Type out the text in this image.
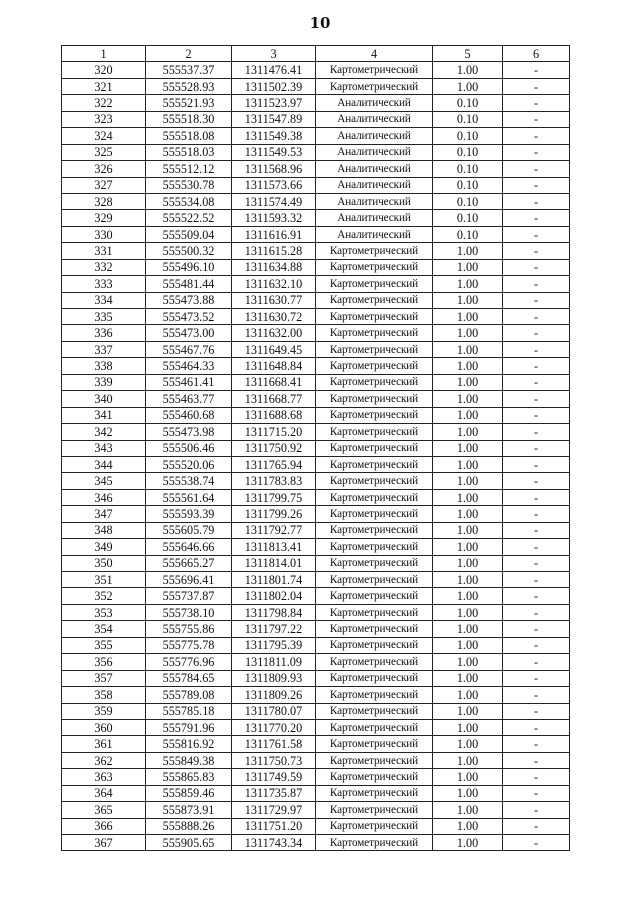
10
1	2	3	4	5	6
320	555537.37	1311476.41	Картометрический	1.00	-
321	555528.93	1311502.39	Картометрический	1.00	-
322	555521.93	1311523.97	Аналитический	0.10	-
323	555518.30	1311547.89	Аналитический	0.10	-
324	555518.08	1311549.38	Аналитический	0.10	-
325	555518.03	1311549.53	Аналитический	0.10	-
326	555512.12	1311568.96	Аналитический	0.10	-
327	555530.78	1311573.66	Аналитический	0.10	-
328	555534.08	1311574.49	Аналитический	0.10	-
329	555522.52	1311593.32	Аналитический	0.10	-
330	555509.04	1311616.91	Аналитический	0.10	-
331	555500.32	1311615.28	Картометрический	1.00	-
332	555496.10	1311634.88	Картометрический	1.00	-
333	555481.44	1311632.10	Картометрический	1.00	-
334	555473.88	1311630.77	Картометрический	1.00	-
335	555473.52	1311630.72	Картометрический	1.00	-
336	555473.00	1311632.00	Картометрический	1.00	-
337	555467.76	1311649.45	Картометрический	1.00	-
338	555464.33	1311648.84	Картометрический	1.00	-
339	555461.41	1311668.41	Картометрический	1.00	-
340	555463.77	1311668.77	Картометрический	1.00	-
341	555460.68	1311688.68	Картометрический	1.00	-
342	555473.98	1311715.20	Картометрический	1.00	-
343	555506.46	1311750.92	Картометрический	1.00	-
344	555520.06	1311765.94	Картометрический	1.00	-
345	555538.74	1311783.83	Картометрический	1.00	-
346	555561.64	1311799.75	Картометрический	1.00	-
347	555593.39	1311799.26	Картометрический	1.00	-
348	555605.79	1311792.77	Картометрический	1.00	-
349	555646.66	1311813.41	Картометрический	1.00	-
350	555665.27	1311814.01	Картометрический	1.00	-
351	555696.41	1311801.74	Картометрический	1.00	-
352	555737.87	1311802.04	Картометрический	1.00	-
353	555738.10	1311798.84	Картометрический	1.00	-
354	555755.86	1311797.22	Картометрический	1.00	-
355	555775.78	1311795.39	Картометрический	1.00	-
356	555776.96	1311811.09	Картометрический	1.00	-
357	555784.65	1311809.93	Картометрический	1.00	-
358	555789.08	1311809.26	Картометрический	1.00	-
359	555785.18	1311780.07	Картометрический	1.00	-
360	555791.96	1311770.20	Картометрический	1.00	-
361	555816.92	1311761.58	Картометрический	1.00	-
362	555849.38	1311750.73	Картометрический	1.00	-
363	555865.83	1311749.59	Картометрический	1.00	-
364	555859.46	1311735.87	Картометрический	1.00	-
365	555873.91	1311729.97	Картометрический	1.00	-
366	555888.26	1311751.20	Картометрический	1.00	-
367	555905.65	1311743.34	Картометрический	1.00	-
